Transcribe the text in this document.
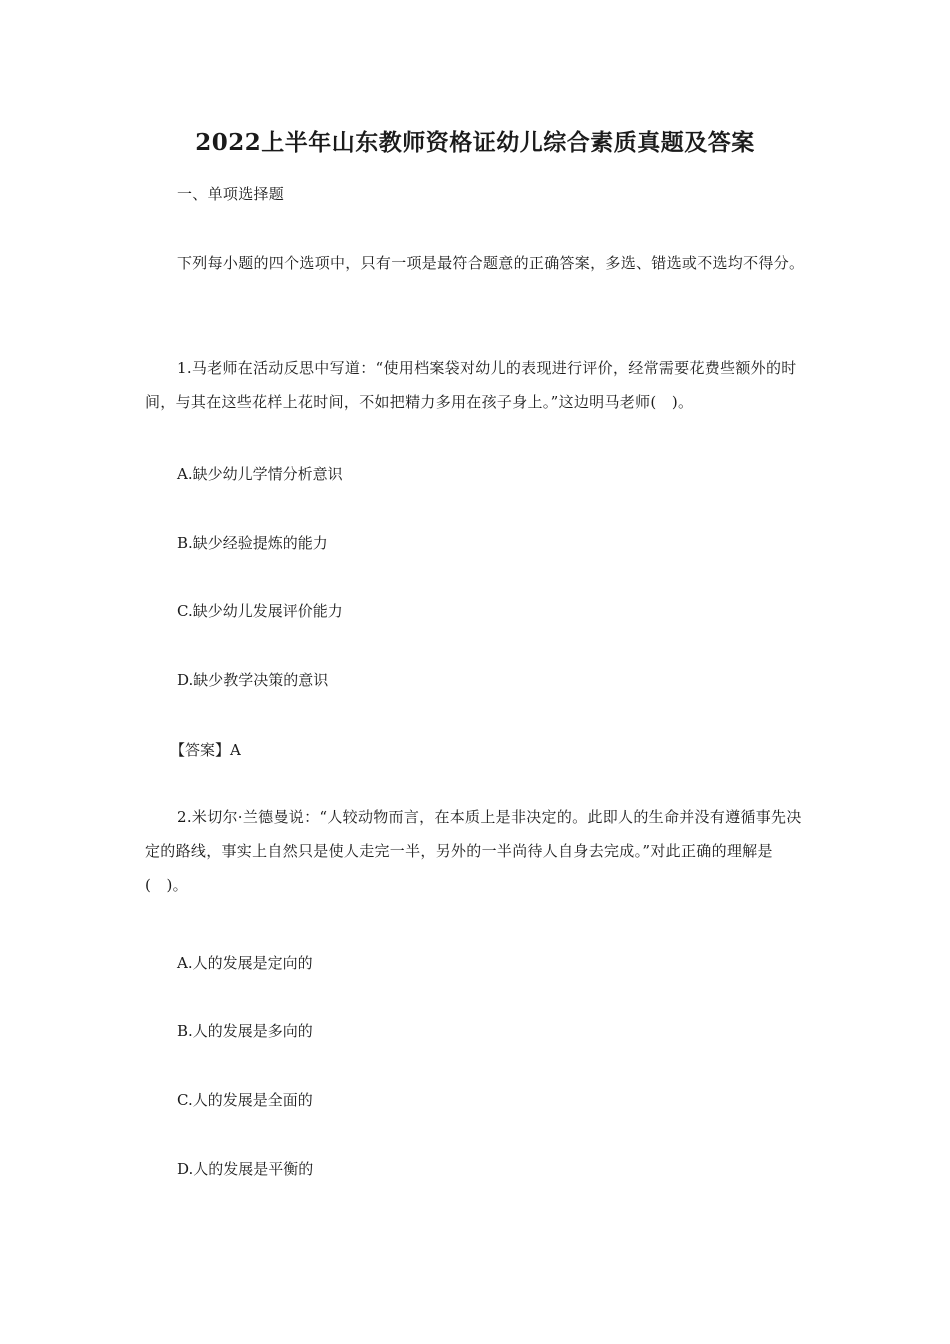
2022上半年山东教师资格证幼儿综合素质真题及答案
一、单项选择题
下列每小题的四个选项中，只有一项是最符合题意的正确答案，多选、错选或不选均不得分。
1.马老师在活动反思中写道：“使用档案袋对幼儿的表现进行评价，经常需要花费些额外的时间，与其在这些花样上花时间，不如把精力多用在孩子身上。”这边明马老师(　)。
A.缺少幼儿学情分析意识
B.缺少经验提炼的能力
C.缺少幼儿发展评价能力
D.缺少教学决策的意识
【答案】A
2.米切尔·兰德曼说：“人较动物而言，在本质上是非决定的。此即人的生命并没有遵循事先决定的路线，事实上自然只是使人走完一半，另外的一半尚待人自身去完成。”对此正确的理解是(　)。
A.人的发展是定向的
B.人的发展是多向的
C.人的发展是全面的
D.人的发展是平衡的
